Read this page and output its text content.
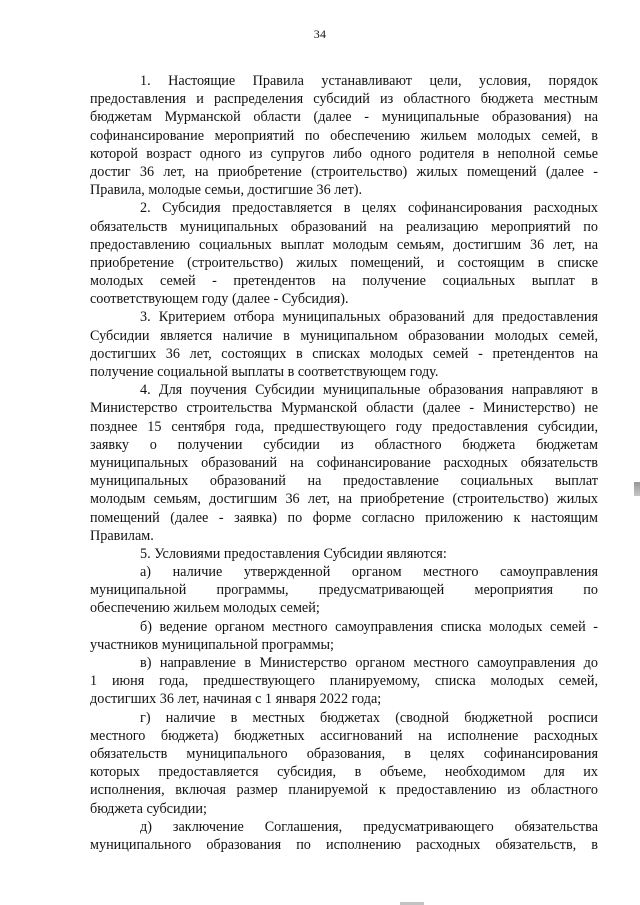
34
1. Настоящие Правила устанавливают цели, условия, порядок
предоставления и распределения субсидий из областного бюджета местным
бюджетам Мурманской области (далее - муниципальные образования) на
софинансирование мероприятий по обеспечению жильем молодых семей, в
которой возраст одного из супругов либо одного родителя в неполной семье
достиг 36 лет, на приобретение (строительство) жилых помещений (далее -
Правила, молодые семьи, достигшие 36 лет).
2. Субсидия предоставляется в целях софинансирования расходных
обязательств муниципальных образований на реализацию мероприятий по
предоставлению социальных выплат молодым семьям, достигшим 36 лет, на
приобретение (строительство) жилых помещений, и состоящим в списке
молодых семей - претендентов на получение социальных выплат в
соответствующем году (далее - Субсидия).
3. Критерием отбора муниципальных образований для предоставления
Субсидии является наличие в муниципальном образовании молодых семей,
достигших 36 лет, состоящих в списках молодых семей - претендентов на
получение социальной выплаты в соответствующем году.
4. Для поучения Субсидии муниципальные образования направляют в
Министерство строительства Мурманской области (далее - Министерство) не
позднее 15 сентября года, предшествующего году предоставления субсидии,
заявку о получении субсидии из областного бюджета бюджетам
муниципальных образований на софинансирование расходных обязательств
муниципальных образований на предоставление социальных выплат
молодым семьям, достигшим 36 лет, на приобретение (строительство) жилых
помещений (далее - заявка) по форме согласно приложению к настоящим
Правилам.
5. Условиями предоставления Субсидии являются:
а) наличие утвержденной органом местного самоуправления
муниципальной программы, предусматривающей мероприятия по
обеспечению жильем молодых семей;
б) ведение органом местного самоуправления списка молодых семей -
участников муниципальной программы;
в) направление в Министерство органом местного самоуправления до
1 июня года, предшествующего планируемому, списка молодых семей,
достигших 36 лет, начиная с 1 января 2022 года;
г) наличие в местных бюджетах (сводной бюджетной росписи
местного бюджета) бюджетных ассигнований на исполнение расходных
обязательств муниципального образования, в целях софинансирования
которых предоставляется субсидия, в объеме, необходимом для их
исполнения, включая размер планируемой к предоставлению из областного
бюджета субсидии;
д) заключение Соглашения, предусматривающего обязательства
муниципального образования по исполнению расходных обязательств, в
